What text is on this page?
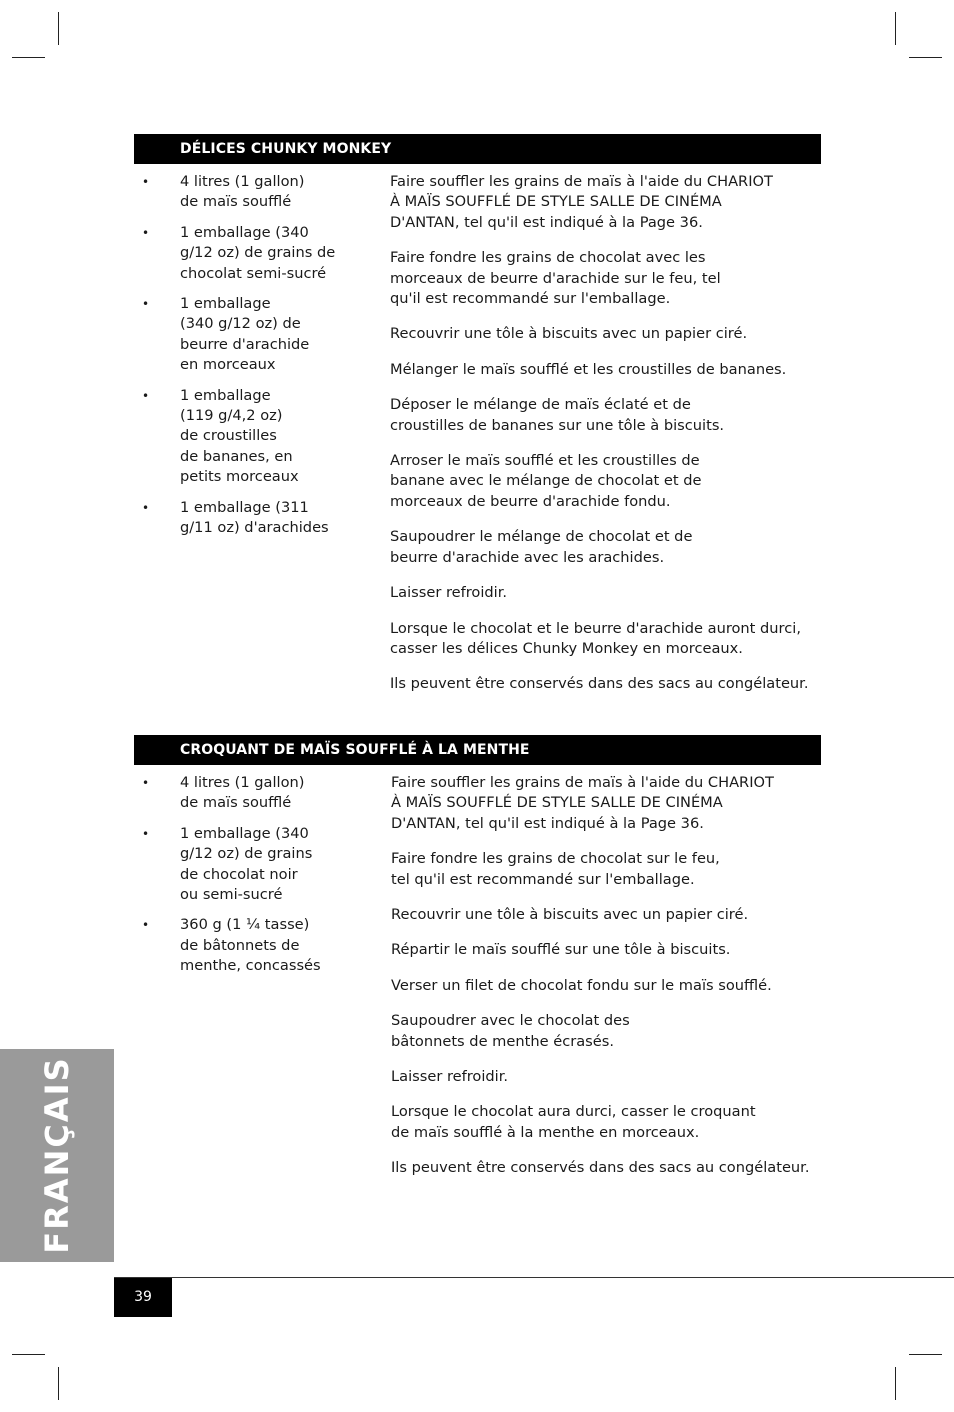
DÉLICES CHUNKY MONKEY
• 4 litres (1 gallon)
de maïs soufflé
• 1 emballage (340
g/12 oz) de grains de
chocolat semi-sucré
• 1 emballage
(340 g/12 oz) de
beurre d'arachide
en morceaux
• 1 emballage
(119 g/4,2 oz)
de croustilles
de bananes, en
petits morceaux
• 1 emballage (311
g/11 oz) d'arachides

Faire souffler les grains de maïs à l'aide du CHARIOT
À MAÏS SOUFFLÉ DE STYLE SALLE DE CINÉMA
D'ANTAN, tel qu'il est indiqué à la Page 36.

Faire fondre les grains de chocolat avec les
morceaux de beurre d'arachide sur le feu, tel
qu'il est recommandé sur l'emballage.

Recouvrir une tôle à biscuits avec un papier ciré.

Mélanger le maïs soufflé et les croustilles de bananes.

Déposer le mélange de maïs éclaté et de
croustilles de bananes sur une tôle à biscuits.

Arroser le maïs soufflé et les croustilles de
banane avec le mélange de chocolat et de
morceaux de beurre d'arachide fondu.

Saupoudrer le mélange de chocolat et de
beurre d'arachide avec les arachides.

Laisser refroidir.

Lorsque le chocolat et le beurre d'arachide auront durci,
casser les délices Chunky Monkey en morceaux.

Ils peuvent être conservés dans des sacs au congélateur.

CROQUANT DE MAÏS SOUFFLÉ À LA MENTHE
• 4 litres (1 gallon)
de maïs soufflé
• 1 emballage (340
g/12 oz) de grains
de chocolat noir
ou semi-sucré
• 360 g (1 ¼ tasse)
de bâtonnets de
menthe, concassés

Faire souffler les grains de maïs à l'aide du CHARIOT
À MAÏS SOUFFLÉ DE STYLE SALLE DE CINÉMA
D'ANTAN, tel qu'il est indiqué à la Page 36.

Faire fondre les grains de chocolat sur le feu,
tel qu'il est recommandé sur l'emballage.

Recouvrir une tôle à biscuits avec un papier ciré.

Répartir le maïs soufflé sur une tôle à biscuits.

Verser un filet de chocolat fondu sur le maïs soufflé.

Saupoudrer avec le chocolat des
bâtonnets de menthe écrasés.

Laisser refroidir.

Lorsque le chocolat aura durci, casser le croquant
de maïs soufflé à la menthe en morceaux.

Ils peuvent être conservés dans des sacs au congélateur.

FRANÇAIS
39
